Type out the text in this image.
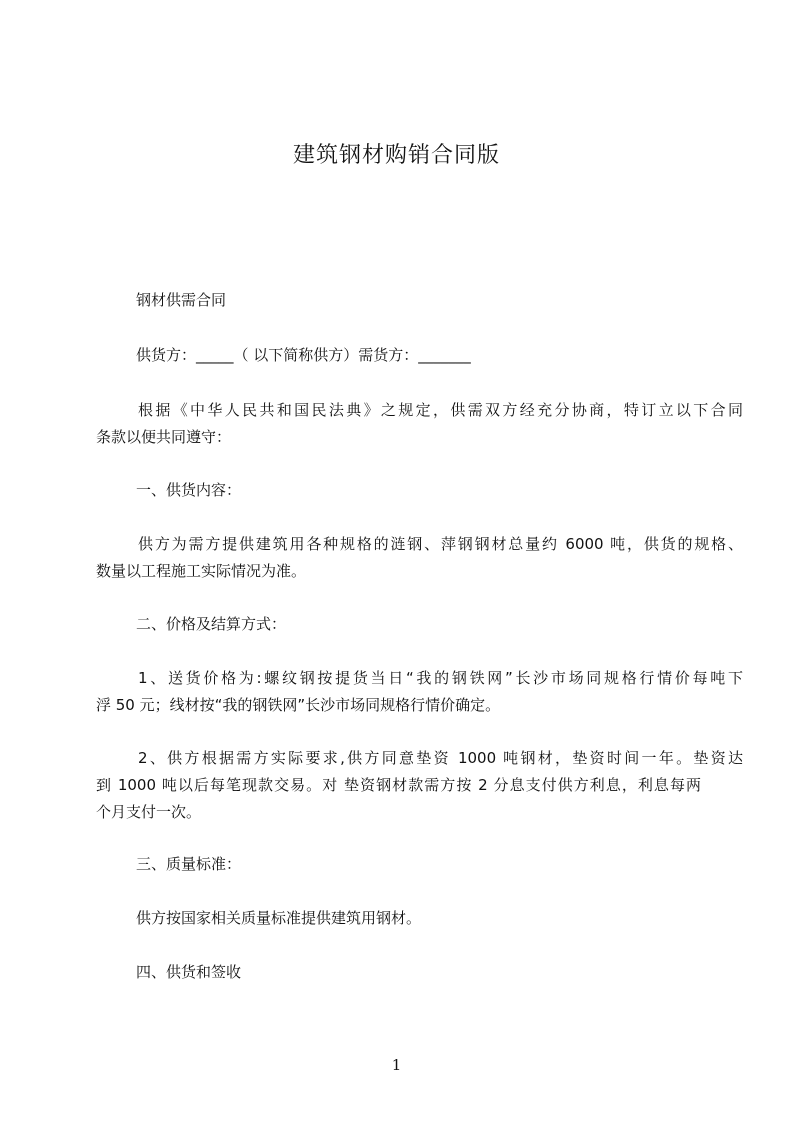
建筑钢材购销合同版
钢材供需合同
供货方：_____（ 以下简称供方）需货方：_______
根据《中华人民共和国民法典》之规定，供需双方经充分协商，特订立以下合同
条款以便共同遵守：
一、供货内容：
供方为需方提供建筑用各种规格的涟钢、萍钢钢材总量约 6000 吨，供货的规格、
数量以工程施工实际情况为准。
二、价格及结算方式：
1、送货价格为:螺纹钢按提货当日“我的钢铁网”长沙市场同规格行情价每吨下
浮 50 元；线材按“我的钢铁网”长沙市场同规格行情价确定。
2、供方根据需方实际要求,供方同意垫资 1000 吨钢材，垫资时间一年。垫资达
到 1000 吨以后每笔现款交易。对 垫资钢材款需方按 2 分息支付供方利息，利息每两
个月支付一次。
三、质量标准：
供方按国家相关质量标准提供建筑用钢材。
四、供货和签收
1
